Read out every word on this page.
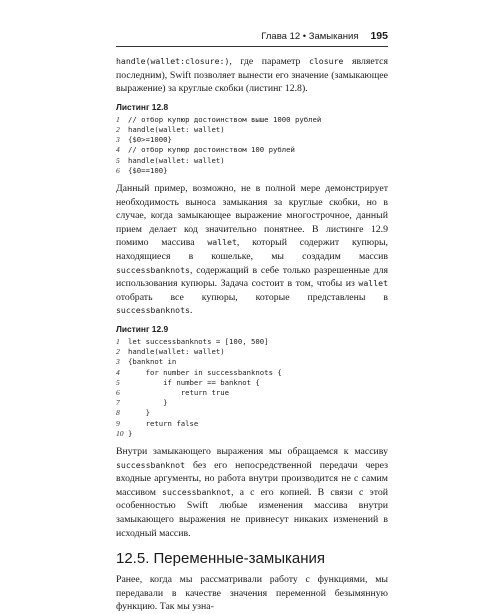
Глава 12 • Замыкания 195

handle(wallet:closure:), где параметр closure является последним), Swift позволяет вынести его значение (замыкающее выражение) за круглые скобки (листинг 12.8).

Листинг 12.8
1	// отбор купюр достоинством выше 1000 рублей
2	handle(wallet: wallet)
3	{$0>=1000}
4	// отбор купюр достоинством 100 рублей
5	handle(wallet: wallet)
6	{$0==100}

Данный пример, возможно, не в полной мере демонстрирует необходимость выноса замыкания за круглые скобки, но в случае, когда замыкающее выражение многострочное, данный прием делает код значительно понятнее. В листинге 12.9 помимо массива wallet, который содержит купюры, находящиеся в кошельке, мы создадим массив successbanknots, содержащий в себе только разрешенные для использования купюры. Задача состоит в том, чтобы из wallet отобрать все купюры, которые представлены в successbanknots.

Листинг 12.9
1	let successbanknots = [100, 500]
2	handle(wallet: wallet)
3	{banknot in
4	for number in successbanknots {
5	if number == banknot {
6	return true
7	}
8	}
9	return false
10 }

Внутри замыкающего выражения мы обращаемся к массиву successbanknot без его непосредственной передачи через входные аргументы, но работа внутри производится не с самим массивом successbanknot, а с его копией. В связи с этой особенностью Swift любые изменения массива внутри замыкающего выражения не привнесут никаких изменений в исходный массив.

12.5. Переменные-замыкания

Ранее, когда мы рассматривали работу с функциями, мы передавали в качестве значения переменной безымянную функцию. Так мы узна-
